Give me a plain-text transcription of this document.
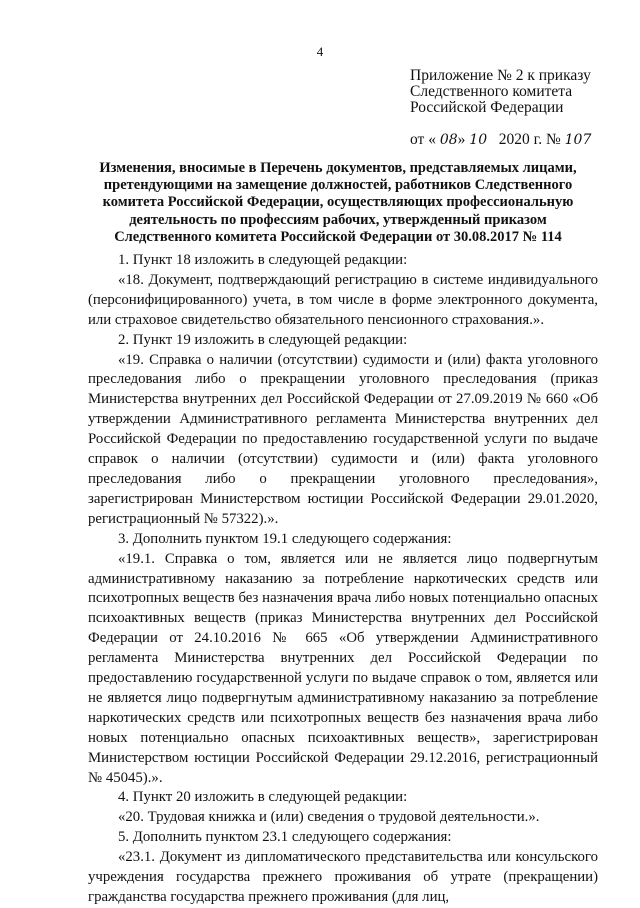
4
Приложение № 2 к приказу
Следственного комитета
Российской Федерации
от « 08» 10 2020 г. № 107
Изменения, вносимые в Перечень документов, представляемых лицами, претендующими на замещение должностей, работников Следственного комитета Российской Федерации, осуществляющих профессиональную деятельность по профессиям рабочих, утвержденный приказом Следственного комитета Российской Федерации от 30.08.2017 № 114

1. Пункт 18 изложить в следующей редакции:

«18. Документ, подтверждающий регистрацию в системе индивидуального (персонифицированного) учета, в том числе в форме электронного документа, или страховое свидетельство обязательного пенсионного страхования.».

2. Пункт 19 изложить в следующей редакции:

«19. Справка о наличии (отсутствии) судимости и (или) факта уголовного преследования либо о прекращении уголовного преследования (приказ Министерства внутренних дел Российской Федерации от 27.09.2019 № 660 «Об утверждении Административного регламента Министерства внутренних дел Российской Федерации по предоставлению государственной услуги по выдаче справок о наличии (отсутствии) судимости и (или) факта уголовного преследования либо о прекращении уголовного преследования», зарегистрирован Министерством юстиции Российской Федерации 29.01.2020, регистрационный № 57322).».

3. Дополнить пунктом 19.1 следующего содержания:

«19.1. Справка о том, является или не является лицо подвергнутым административному наказанию за потребление наркотических средств или психотропных веществ без назначения врача либо новых потенциально опасных психоактивных веществ (приказ Министерства внутренних дел Российской Федерации от 24.10.2016 № 665 «Об утверждении Административного регламента Министерства внутренних дел Российской Федерации по предоставлению государственной услуги по выдаче справок о том, является или не является лицо подвергнутым административному наказанию за потребление наркотических средств или психотропных веществ без назначения врача либо новых потенциально опасных психоактивных веществ», зарегистрирован Министерством юстиции Российской Федерации 29.12.2016, регистрационный № 45045).».

4. Пункт 20 изложить в следующей редакции:

«20. Трудовая книжка и (или) сведения о трудовой деятельности.».

5. Дополнить пунктом 23.1 следующего содержания:

«23.1. Документ из дипломатического представительства или консульского учреждения государства прежнего проживания об утрате (прекращении) гражданства государства прежнего проживания (для лиц,
